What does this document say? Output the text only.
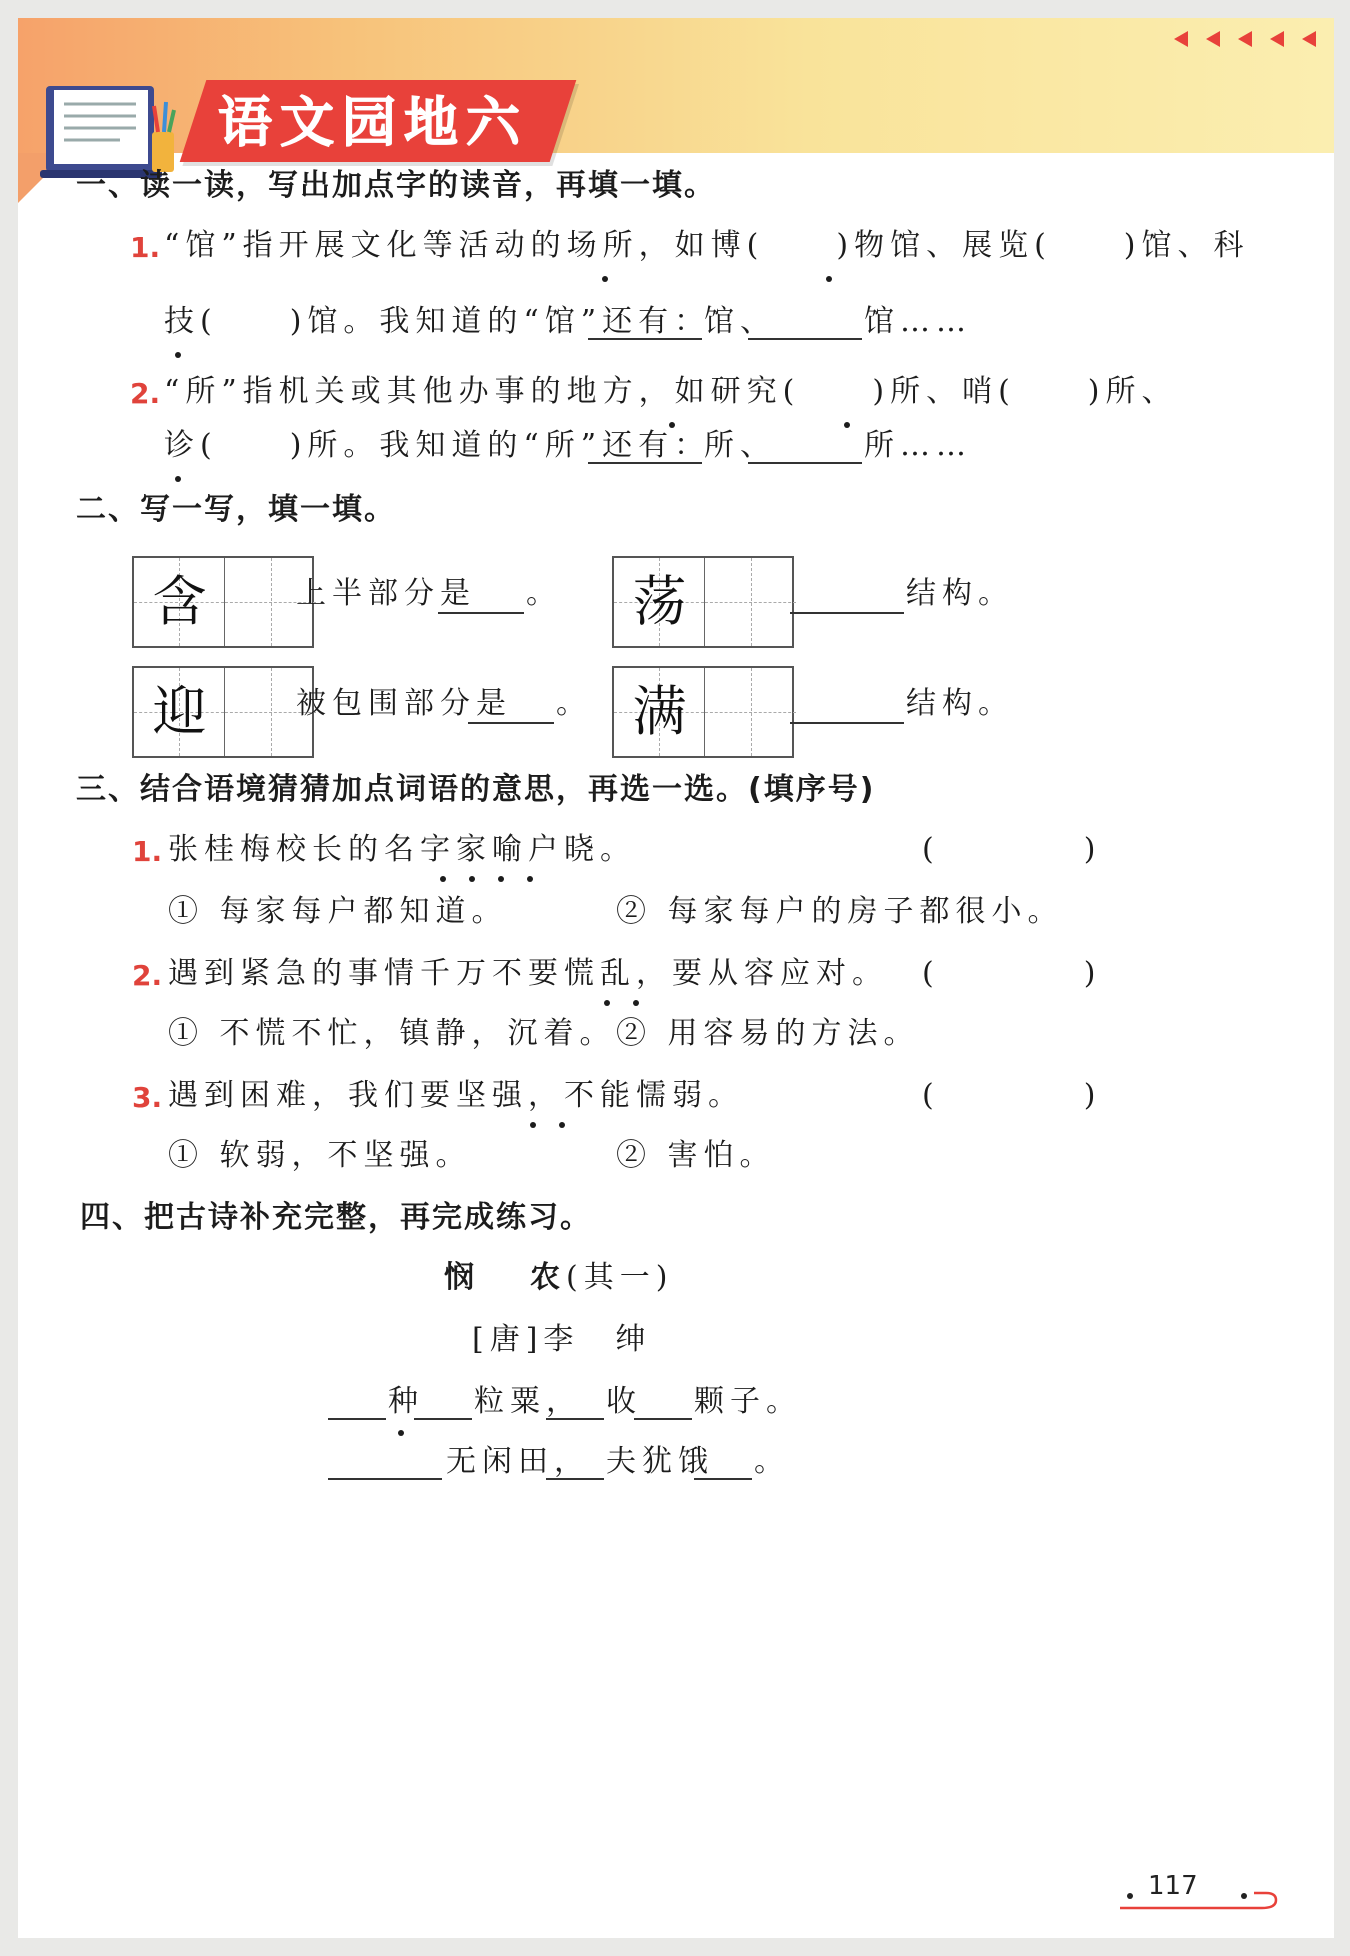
语文园地六
一、读一读，写出加点字的读音，再填一填。
1. “馆”指开展文化等活动的场所，如博(　　)物馆、展览(　　)馆、科
技(　　)馆。我知道的“馆”还有：
馆、	馆……
2. “所”指机关或其他办事的地方，如研究(　　)所、哨(　　)所、
诊(　　)所。我知道的“所”还有：
所、	所……
二、写一写，填一填。
含	上半部分是 。	荡	结构。
迎	被包围部分是 。 满	结构。
三、结合语境猜猜加点词语的意思，再选一选。(填序号)
1. 张桂梅校长的名字家喻户晓。	(　　)
① 每家每户都知道。	② 每家每户的房子都很小。
2. 遇到紧急的事情千万不要慌乱，要从容应对。 (　　)
① 不慌不忙，镇静，沉着。 ② 用容易的方法。
3. 遇到困难，我们要坚强，不能懦弱。	(　　)
① 软弱，不坚强。	② 害怕。
四、把古诗补充完整，再完成练习。
悯 农 (其一)
[唐]李　绅
种 粒粟， 收 颗子。
无闲田， 夫犹饿 。
117
